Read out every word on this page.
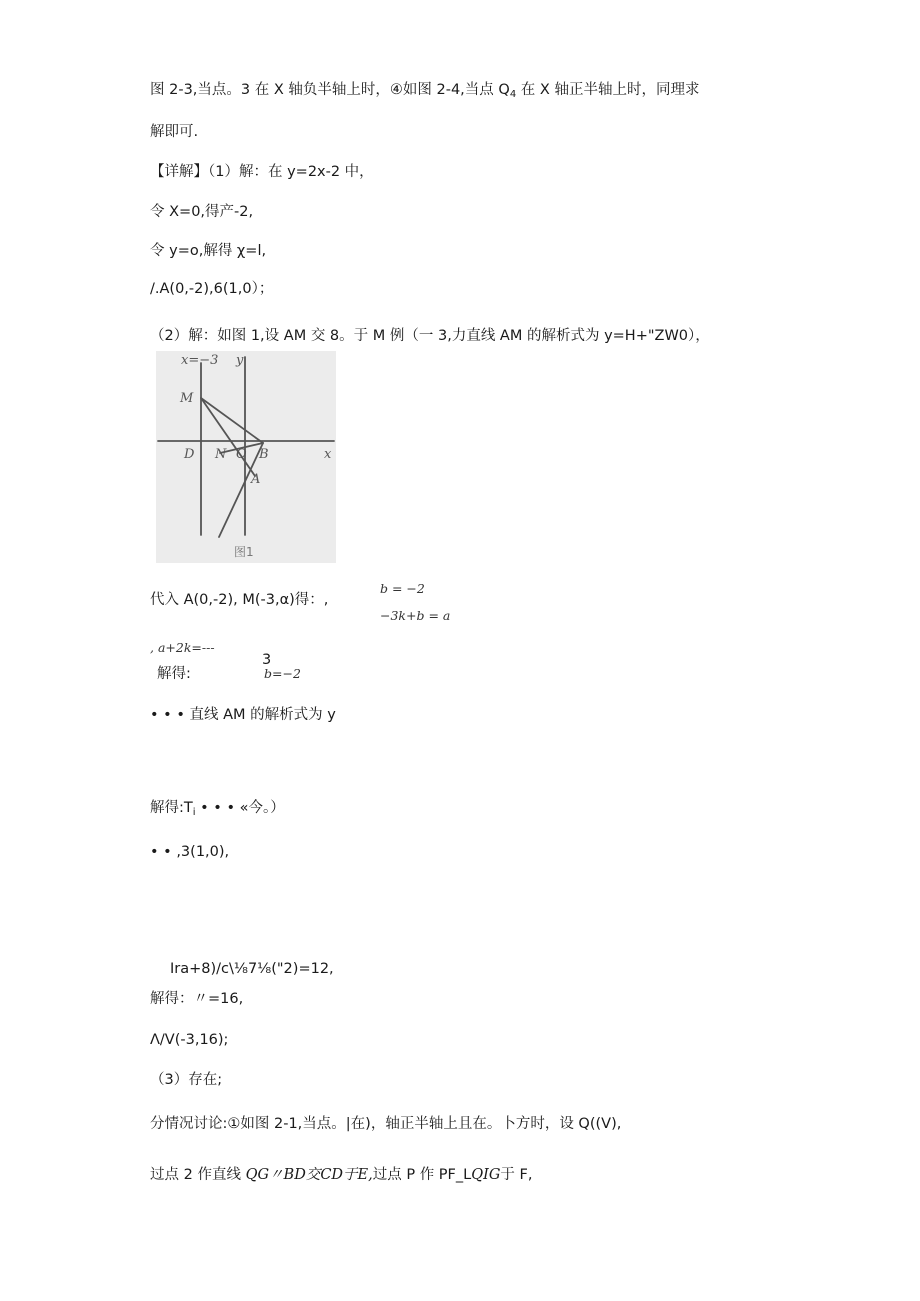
图 2-3,当点。3 在 X 轴负半轴上时，④如图 2-4,当点 $Q_4$ 在 X 轴正半轴上时，同理求
解即可.
【详解】（1）解：在 y=2x-2 中，
令 X=0,得产-2,
令 y=o,解得 χ=l,
/.A(0,-2),6(1,0）；
（2）解：如图 1,设 AM 交 8。于 M 例（一 3,力直线 AM 的解析式为 y=H+"ZW0），
x=−3 y
x
M
D N O B
A
图1
代入 A(0,-2), M(-3,α)得：,
b = −2
−3k+b = a
, a+2k=---
3
解得:	b=−2
• • • 直线 AM 的解析式为 y
解得$:T_i$ • • • «今。）
• • ,3(1,0),
Ira+8)/c\⅛7⅛("2)=12,
解得：〃=16,
Λ/V(-3,16);
（3）存在;
分情况讨论:①如图 2-1,当点。|在)，轴正半轴上且在。卜方时，设 Q((V),
过点 2 作直线 QG〃BD交CD于E,过点 P 作 PF_LQIG于 F,
